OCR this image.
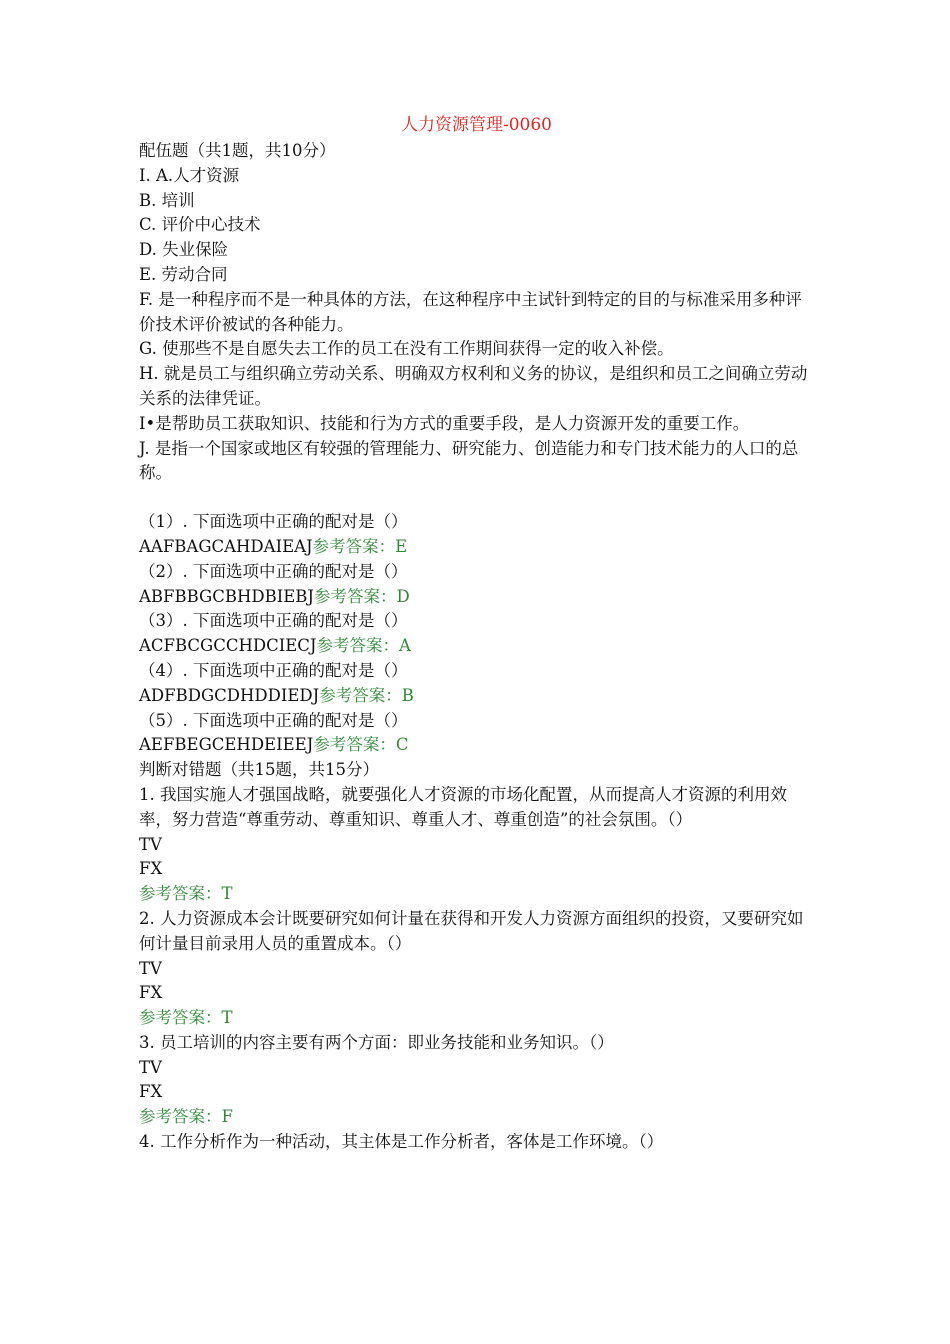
人力资源管理-0060
配伍题（共1题，共10分）
I. A.人才资源
B. 培训
C. 评价中心技术
D. 失业保险
E. 劳动合同
F. 是一种程序而不是一种具体的方法，在这种程序中主试针到特定的目的与标准采用多种评价技术评价被试的各种能力。
G. 使那些不是自愿失去工作的员工在没有工作期间获得一定的收入补偿。
H. 就是员工与组织确立劳动关系、明确双方权利和义务的协议，是组织和员工之间确立劳动关系的法律凭证。
I•是帮助员工获取知识、技能和行为方式的重要手段，是人力资源开发的重要工作。
J. 是指一个国家或地区有较强的管理能力、研究能力、创造能力和专门技术能力的人口的总称。
（1）. 下面选项中正确的配对是（）
AAFBAGCAHDAIEAJ参考答案：E
（2）. 下面选项中正确的配对是（）
ABFBBGCBHDBIEBJ参考答案：D
（3）. 下面选项中正确的配对是（）
ACFBCGCCHDCIECJ参考答案：A
（4）. 下面选项中正确的配对是（）
ADFBDGCDHDDIEDJ参考答案：B
（5）. 下面选项中正确的配对是（）
AEFBEGCEHDEIEEJ参考答案：C
判断对错题（共15题，共15分）
1. 我国实施人才强国战略，就要强化人才资源的市场化配置，从而提高人才资源的利用效率，努力营造“尊重劳动、尊重知识、尊重人才、尊重创造”的社会氛围。（）
TV
FX
参考答案：T
2. 人力资源成本会计既要研究如何计量在获得和开发人力资源方面组织的投资，又要研究如何计量目前录用人员的重置成本。（）
TV
FX
参考答案：T
3. 员工培训的内容主要有两个方面：即业务技能和业务知识。（）
TV
FX
参考答案：F
4. 工作分析作为一种活动，其主体是工作分析者，客体是工作环境。（）
